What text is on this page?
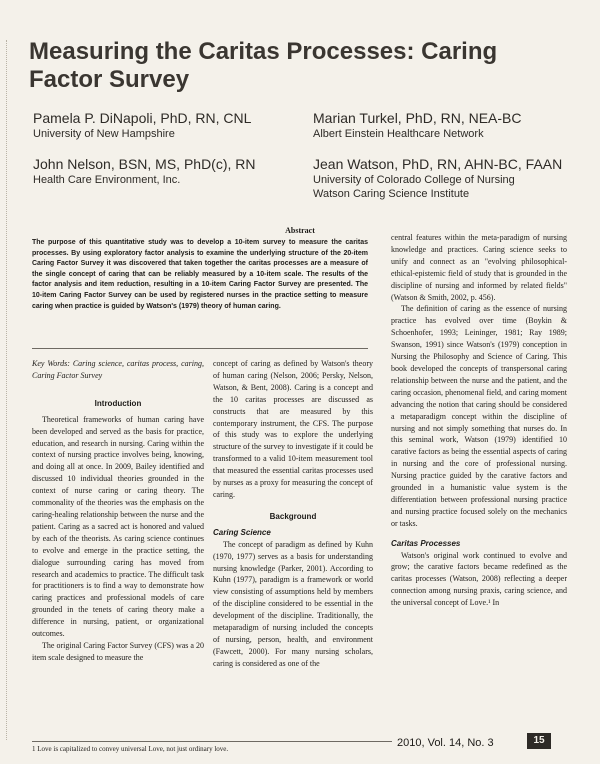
Measuring the Caritas Processes: Caring Factor Survey
Pamela P. DiNapoli, PhD, RN, CNL
University of New Hampshire
Marian Turkel, PhD, RN, NEA-BC
Albert Einstein Healthcare Network
John Nelson, BSN, MS, PhD(c), RN
Health Care Environment, Inc.
Jean Watson, PhD, RN, AHN-BC, FAAN
University of Colorado College of Nursing
Watson Caring Science Institute
Abstract

The purpose of this quantitative study was to develop a 10-item survey to measure the caritas processes. By using exploratory factor analysis to examine the underlying structure of the 20-item Caring Factor Survey it was discovered that taken together the caritas processes are a measure of the single concept of caring that can be reliably measured by a 10-item scale. The results of the factor analysis and item reduction, resulting in a 10-item Caring Factor Survey are presented. The 10-item Caring Factor Survey can be used by registered nurses in the practice setting to measure caring when practice is guided by Watson's (1979) theory of human caring.

Key Words: Caring science, caritas process, caring, Caring Factor Survey

Introduction

Theoretical frameworks of human caring have been developed and served as the basis for practice, education, and research in nursing. Caring within the context of nursing practice involves being, knowing, and doing all at once. In 2009, Bailey identified and discussed 10 individual theories grounded in the context of nurse caring or caring theory. The commonality of the theories was the emphasis on the caring-healing relationship between the nurse and the patient. Caring as a sacred act is honored and valued by each of the theorists. As caring science continues to evolve and emerge in the practice setting, the dialogue surrounding caring has moved from research and academics to practice. The difficult task for practitioners is to find a way to demonstrate how caring practices and professional models of care grounded in the tenets of caring theory make a difference in nursing, patient, or organizational outcomes.

The original Caring Factor Survey (CFS) was a 20 item scale designed to measure the

concept of caring as defined by Watson's theory of human caring (Nelson, 2006; Persky, Nelson, Watson, & Bent, 2008). Caring is a concept and the 10 caritas processes are discussed as constructs that are measured by this contemporary instrument, the CFS. The purpose of this study was to explore the underlying structure of the survey to investigate if it could be transformed to a valid 10-item measurement tool that measured the essential caritas processes used by nurses as a proxy for measuring the concept of caring.

Background

Caring Science

The concept of paradigm as defined by Kuhn (1970, 1977) serves as a basis for understanding nursing knowledge (Parker, 2001). According to Kuhn (1977), paradigm is a framework or world view consisting of assumptions held by members of the discipline considered to be essential in the development of the discipline. Traditionally, the metaparadigm of nursing included the concepts of nursing, person, health, and environment (Fawcett, 2000). For many nursing scholars, caring is considered as one of the

central features within the meta-paradigm of nursing knowledge and practices. Caring science seeks to unify and connect as an "evolving philosophical-ethical-epistemic field of study that is grounded in the discipline of nursing and informed by related fields" (Watson & Smith, 2002, p. 456).

The definition of caring as the essence of nursing practice has evolved over time (Boykin & Schoenhofer, 1993; Leininger, 1981; Ray 1989; Swanson, 1991) since Watson's (1979) conception in Nursing the Philosophy and Science of Caring. This book developed the concepts of transpersonal caring relationship between the nurse and the patient, and the caring occasion, phenomenal field, and caring moment advancing the notion that caring should be considered a metaparadigm concept within the discipline of nursing and not simply something that nurses do. In this seminal work, Watson (1979) identified 10 carative factors as being the essential aspects of caring in nursing and the core of professional nursing. Nursing practice guided by the carative factors and grounded in a humanistic value system is the differentiation between professional nursing practice and nursing practice focused solely on the mechanics or tasks.

Caritas Processes

Watson's original work continued to evolve and grow; the carative factors became redefined as the caritas processes (Watson, 2008) reflecting a deeper connection among nursing praxis, caring science, and the universal concept of Love.¹ In

1 Love is capitalized to convey universal Love, not just ordinary love.	2010, Vol. 14, No. 3	15
